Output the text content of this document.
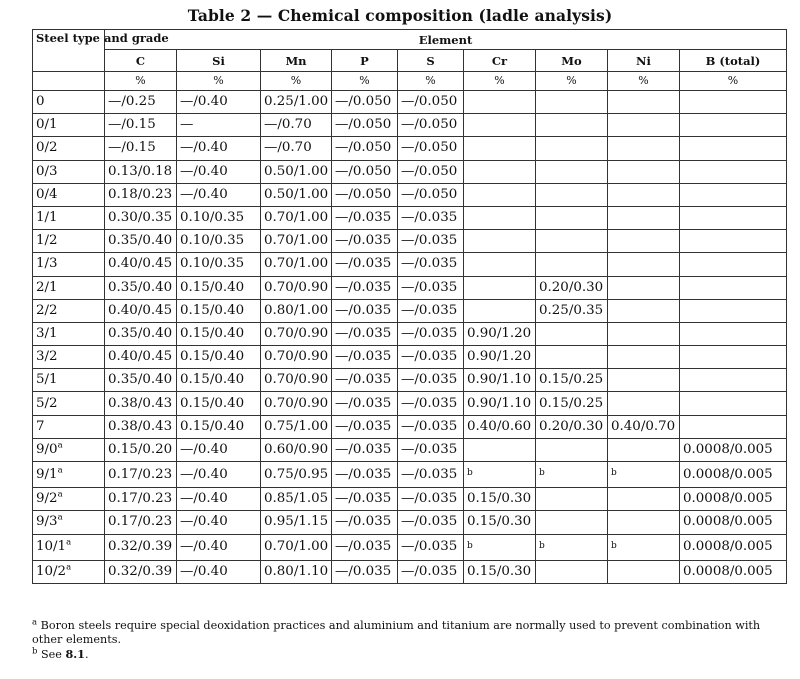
Table 2 — Chemical composition (ladle analysis)
Steel type and grade	Element								
	C	Si	Mn	P	S	Cr	Mo	Ni	B (total)
	%	%	%	%	%	%	%	%	%
0	—/0.25	—/0.40	0.25/1.00	—/0.050	—/0.050				
0/1	—/0.15	—	—/0.70	—/0.050	—/0.050				
0/2	—/0.15	—/0.40	—/0.70	—/0.050	—/0.050				
0/3	0.13/0.18	—/0.40	0.50/1.00	—/0.050	—/0.050				
0/4	0.18/0.23	—/0.40	0.50/1.00	—/0.050	—/0.050				
1/1	0.30/0.35	0.10/0.35	0.70/1.00	—/0.035	—/0.035				
1/2	0.35/0.40	0.10/0.35	0.70/1.00	—/0.035	—/0.035				
1/3	0.40/0.45	0.10/0.35	0.70/1.00	—/0.035	—/0.035				
2/1	0.35/0.40	0.15/0.40	0.70/0.90	—/0.035	—/0.035		0.20/0.30		
2/2	0.40/0.45	0.15/0.40	0.80/1.00	—/0.035	—/0.035		0.25/0.35		
3/1	0.35/0.40	0.15/0.40	0.70/0.90	—/0.035	—/0.035	0.90/1.20			
3/2	0.40/0.45	0.15/0.40	0.70/0.90	—/0.035	—/0.035	0.90/1.20			
5/1	0.35/0.40	0.15/0.40	0.70/0.90	—/0.035	—/0.035	0.90/1.10	0.15/0.25		
5/2	0.38/0.43	0.15/0.40	0.70/0.90	—/0.035	—/0.035	0.90/1.10	0.15/0.25		
7	0.38/0.43	0.15/0.40	0.75/1.00	—/0.035	—/0.035	0.40/0.60	0.20/0.30	0.40/0.70	
9/0$^a$	0.15/0.20	—/0.40	0.60/0.90	—/0.035	—/0.035				0.0008/0.005
9/1$^a$	0.17/0.23	—/0.40	0.75/0.95	—/0.035	—/0.035	b	b	b	0.0008/0.005
9/2$^a$	0.17/0.23	—/0.40	0.85/1.05	—/0.035	—/0.035	0.15/0.30			0.0008/0.005
9/3$^a$	0.17/0.23	—/0.40	0.95/1.15	—/0.035	—/0.035	0.15/0.30			0.0008/0.005
10/1$^a$	0.32/0.39	—/0.40	0.70/1.00	—/0.035	—/0.035	b	b	b	0.0008/0.005
10/2$^a$	0.32/0.39	—/0.40	0.80/1.10	—/0.035	—/0.035	0.15/0.30			0.0008/0.005

$^a$ Boron steels require special deoxidation practices and aluminium and titanium are normally used to prevent combination with other elements.

$^b$ See 8.1.
